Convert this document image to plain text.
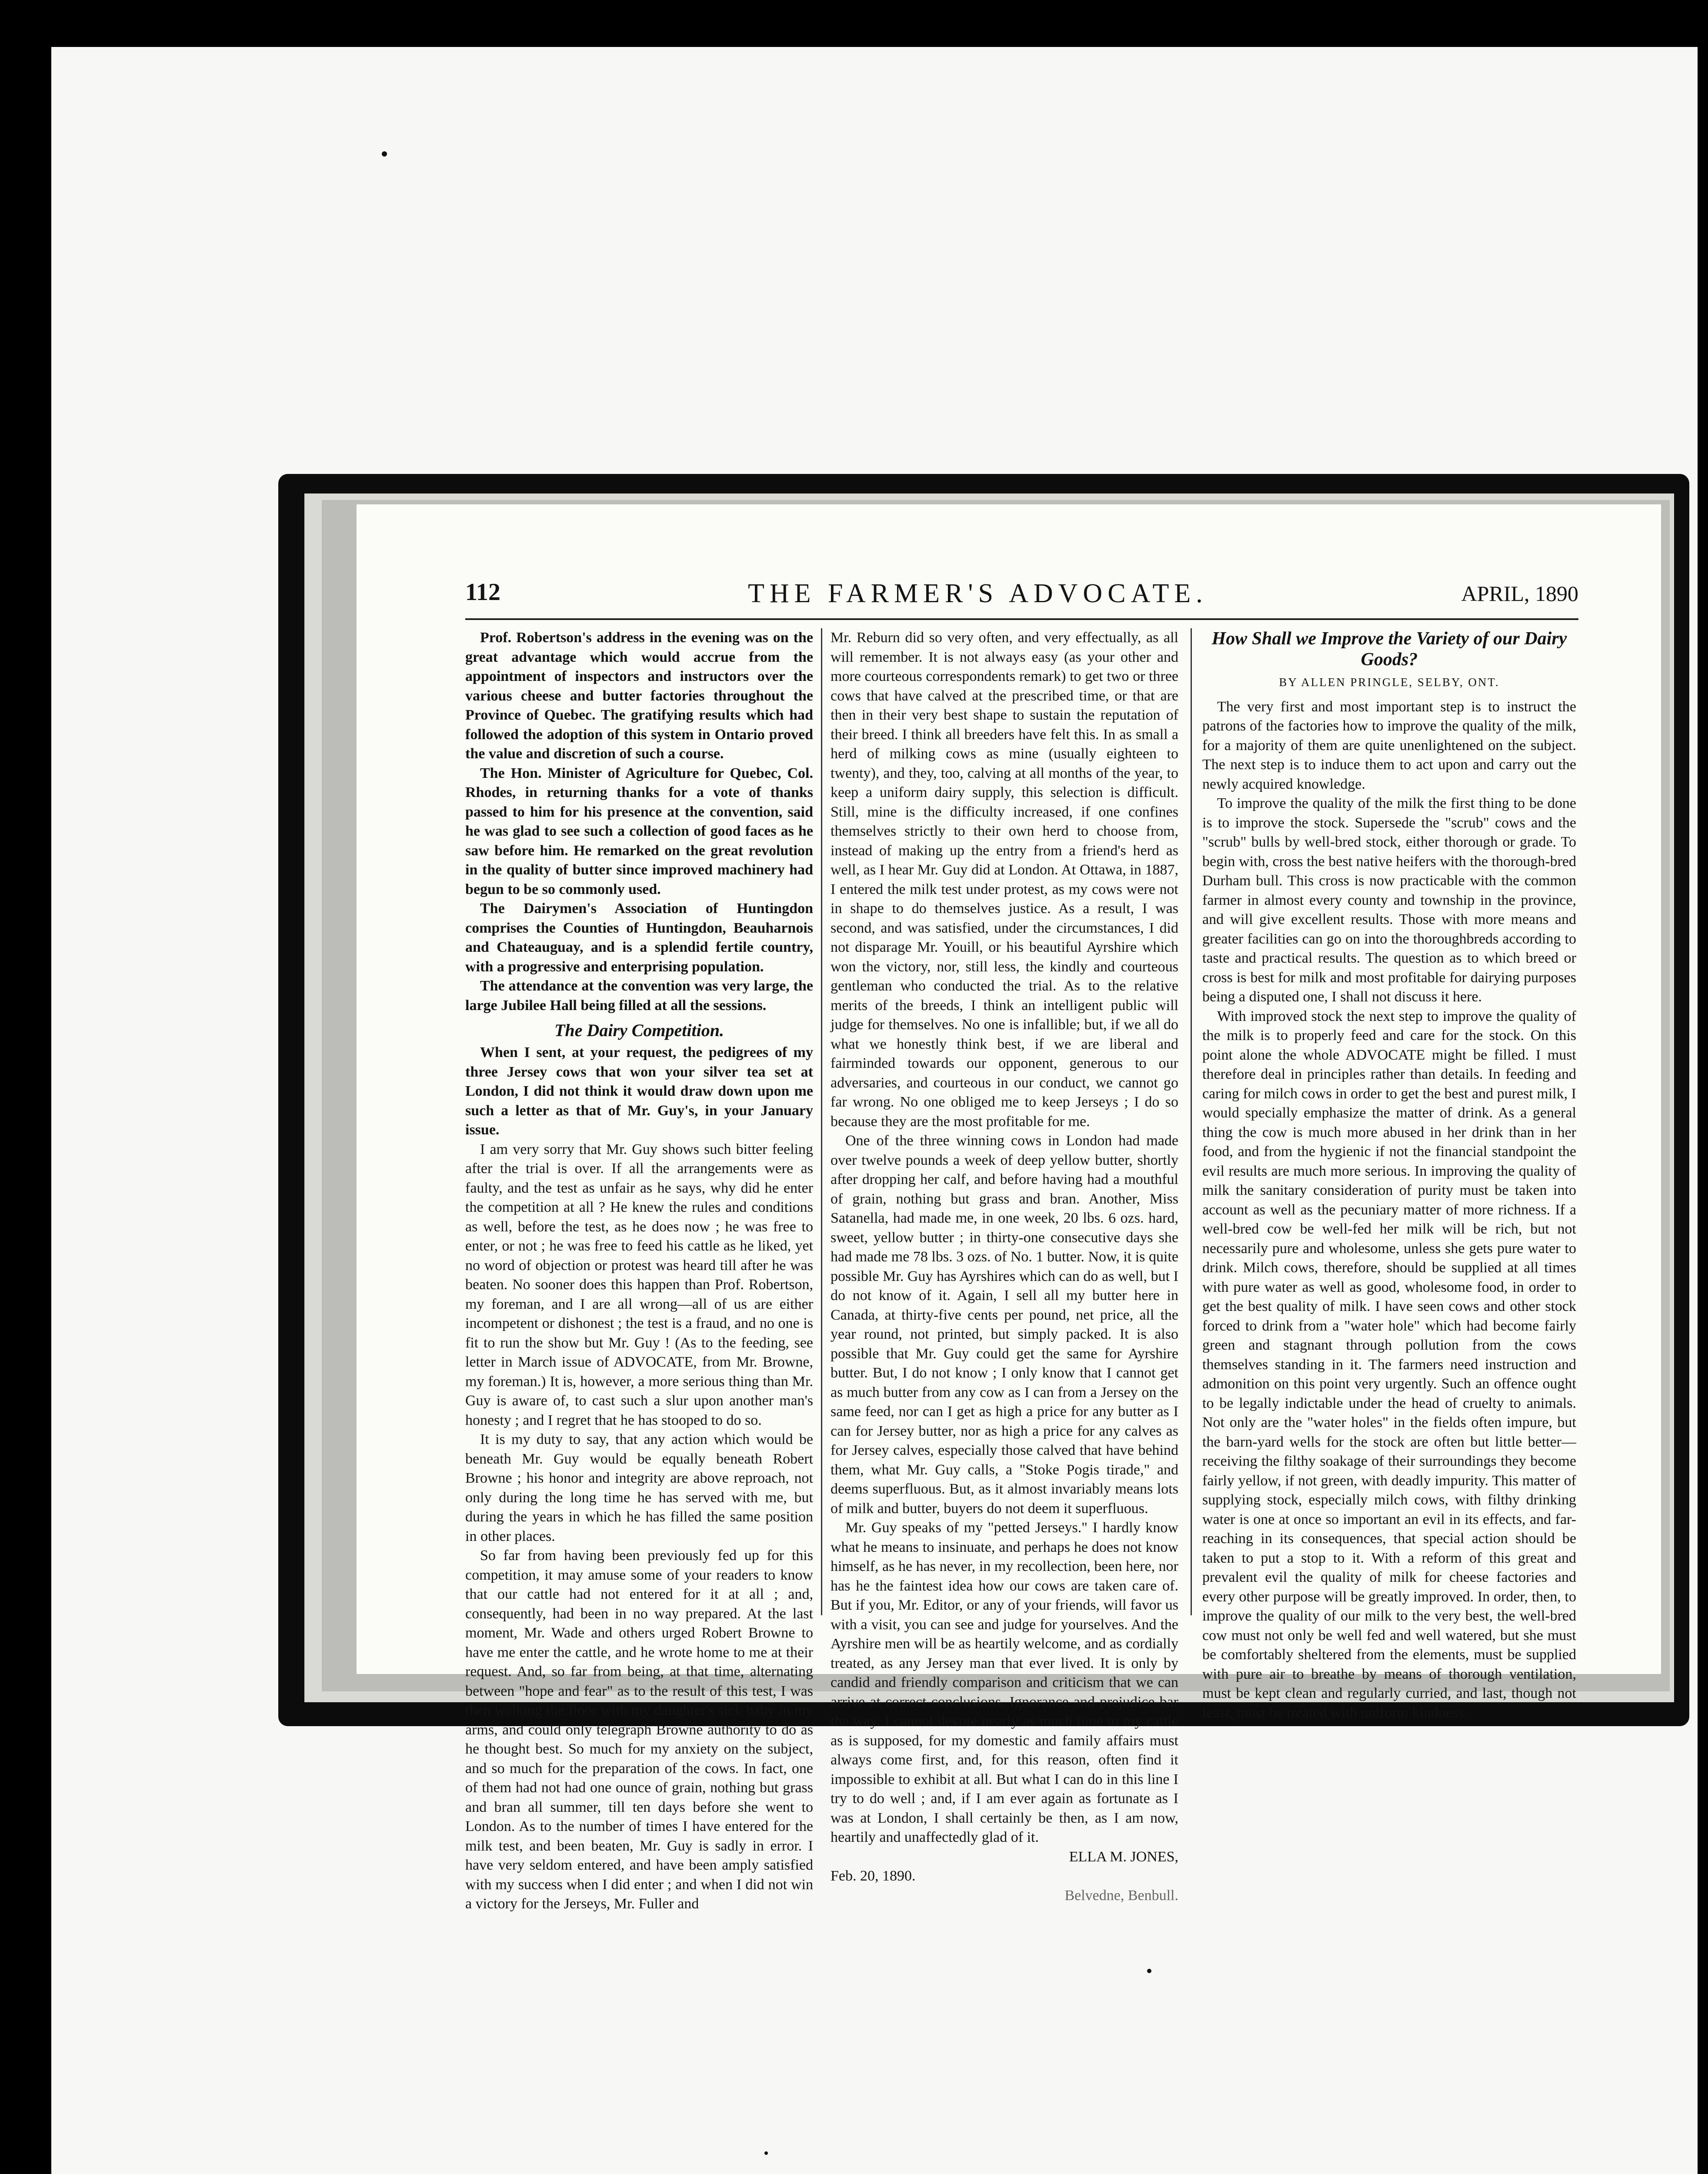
112	THE FARMER'S ADVOCATE.	APRIL, 1890

Prof. Robertson's address in the evening was on the great advantage which would accrue from the appointment of inspectors and instructors over the various cheese and butter factories throughout the Province of Quebec. The gratifying results which had followed the adoption of this system in Ontario proved the value and discretion of such a course.

The Hon. Minister of Agriculture for Quebec, Col. Rhodes, in returning thanks for a vote of thanks passed to him for his presence at the convention, said he was glad to see such a collection of good faces as he saw before him. He remarked on the great revolution in the quality of butter since improved machinery had begun to be so commonly used.

The Dairymen's Association of Huntingdon comprises the Counties of Huntingdon, Beauharnois and Chateauguay, and is a splendid fertile country, with a progressive and enterprising population.

The attendance at the convention was very large, the large Jubilee Hall being filled at all the sessions.

The Dairy Competition.

When I sent, at your request, the pedigrees of my three Jersey cows that won your silver tea set at London, I did not think it would draw down upon me such a letter as that of Mr. Guy's, in your January issue.

I am very sorry that Mr. Guy shows such bitter feeling after the trial is over. If all the arrangements were as faulty, and the test as unfair as he says, why did he enter the competition at all ? He knew the rules and conditions as well, before the test, as he does now ; he was free to enter, or not ; he was free to feed his cattle as he liked, yet no word of objection or protest was heard till after he was beaten. No sooner does this happen than Prof. Robertson, my foreman, and I are all wrong—all of us are either incompetent or dishonest ; the test is a fraud, and no one is fit to run the show but Mr. Guy ! (As to the feeding, see letter in March issue of ADVOCATE, from Mr. Browne, my foreman.) It is, however, a more serious thing than Mr. Guy is aware of, to cast such a slur upon another man's honesty ; and I regret that he has stooped to do so.

It is my duty to say, that any action which would be beneath Mr. Guy would be equally beneath Robert Browne ; his honor and integrity are above reproach, not only during the long time he has served with me, but during the years in which he has filled the same position in other places.

So far from having been previously fed up for this competition, it may amuse some of your readers to know that our cattle had not entered for it at all ; and, consequently, had been in no way prepared. At the last moment, Mr. Wade and others urged Robert Browne to have me enter the cattle, and he wrote home to me at their request. And, so far from being, at that time, alternating between "hope and fear" as to the result of this test, I was then walking the floor with my daughter's sick baby in my arms, and could only telegraph Browne authority to do as he thought best. So much for my anxiety on the subject, and so much for the preparation of the cows. In fact, one of them had not had one ounce of grain, nothing but grass and bran all summer, till ten days before she went to London. As to the number of times I have entered for the milk test, and been beaten, Mr. Guy is sadly in error. I have very seldom entered, and have been amply satisfied with my success when I did enter ; and when I did not win a victory for the Jerseys, Mr. Fuller and

Mr. Reburn did so very often, and very effectually, as all will remember. It is not always easy (as your other and more courteous correspondents remark) to get two or three cows that have calved at the prescribed time, or that are then in their very best shape to sustain the reputation of their breed. I think all breeders have felt this. In as small a herd of milking cows as mine (usually eighteen to twenty), and they, too, calving at all months of the year, to keep a uniform dairy supply, this selection is difficult. Still, mine is the difficulty increased, if one confines themselves strictly to their own herd to choose from, instead of making up the entry from a friend's herd as well, as I hear Mr. Guy did at London. At Ottawa, in 1887, I entered the milk test under protest, as my cows were not in shape to do themselves justice. As a result, I was second, and was satisfied, under the circumstances, I did not disparage Mr. Youill, or his beautiful Ayrshire which won the victory, nor, still less, the kindly and courteous gentleman who conducted the trial. As to the relative merits of the breeds, I think an intelligent public will judge for themselves. No one is infallible; but, if we all do what we honestly think best, if we are liberal and fairminded towards our opponent, generous to our adversaries, and courteous in our conduct, we cannot go far wrong. No one obliged me to keep Jerseys ; I do so because they are the most profitable for me.

One of the three winning cows in London had made over twelve pounds a week of deep yellow butter, shortly after dropping her calf, and before having had a mouthful of grain, nothing but grass and bran. Another, Miss Satanella, had made me, in one week, 20 lbs. 6 ozs. hard, sweet, yellow butter ; in thirty-one consecutive days she had made me 78 lbs. 3 ozs. of No. 1 butter. Now, it is quite possible Mr. Guy has Ayrshires which can do as well, but I do not know of it. Again, I sell all my butter here in Canada, at thirty-five cents per pound, net price, all the year round, not printed, but simply packed. It is also possible that Mr. Guy could get the same for Ayrshire butter. But, I do not know ; I only know that I cannot get as much butter from any cow as I can from a Jersey on the same feed, nor can I get as high a price for any butter as I can for Jersey butter, nor as high a price for any calves as for Jersey calves, especially those calved that have behind them, what Mr. Guy calls, a "Stoke Pogis tirade," and deems superfluous. But, as it almost invariably means lots of milk and butter, buyers do not deem it superfluous.

Mr. Guy speaks of my "petted Jerseys." I hardly know what he means to insinuate, and perhaps he does not know himself, as he has never, in my recollection, been here, nor has he the faintest idea how our cows are taken care of. But if you, Mr. Editor, or any of your friends, will favor us with a visit, you can see and judge for yourselves. And the Ayrshire men will be as heartily welcome, and as cordially treated, as any Jersey man that ever lived. It is only by candid and friendly comparison and criticism that we can arrive at correct conclusions. Ignorance and prejudice bar the way. I cannot devote nearly as much time to my cattle as is supposed, for my domestic and family affairs must always come first, and, for this reason, often find it impossible to exhibit at all. But what I can do in this line I try to do well ; and, if I am ever again as fortunate as I was at London, I shall certainly be then, as I am now, heartily and unaffectedly glad of it.

ELLA M. JONES,
Feb. 20, 1890.
Belvedne, Benbull.

How Shall we Improve the Variety of our Dairy Goods?

BY ALLEN PRINGLE, SELBY, ONT.

The very first and most important step is to instruct the patrons of the factories how to improve the quality of the milk, for a majority of them are quite unenlightened on the subject. The next step is to induce them to act upon and carry out the newly acquired knowledge.

To improve the quality of the milk the first thing to be done is to improve the stock. Supersede the "scrub" cows and the "scrub" bulls by well-bred stock, either thorough or grade. To begin with, cross the best native heifers with the thorough-bred Durham bull. This cross is now practicable with the common farmer in almost every county and township in the province, and will give excellent results. Those with more means and greater facilities can go on into the thoroughbreds according to taste and practical results. The question as to which breed or cross is best for milk and most profitable for dairying purposes being a disputed one, I shall not discuss it here.

With improved stock the next step to improve the quality of the milk is to properly feed and care for the stock. On this point alone the whole ADVOCATE might be filled. I must therefore deal in principles rather than details. In feeding and caring for milch cows in order to get the best and purest milk, I would specially emphasize the matter of drink. As a general thing the cow is much more abused in her drink than in her food, and from the hygienic if not the financial standpoint the evil results are much more serious. In improving the quality of milk the sanitary consideration of purity must be taken into account as well as the pecuniary matter of more richness. If a well-bred cow be well-fed her milk will be rich, but not necessarily pure and wholesome, unless she gets pure water to drink. Milch cows, therefore, should be supplied at all times with pure water as well as good, wholesome food, in order to get the best quality of milk. I have seen cows and other stock forced to drink from a "water hole" which had become fairly green and stagnant through pollution from the cows themselves standing in it. The farmers need instruction and admonition on this point very urgently. Such an offence ought to be legally indictable under the head of cruelty to animals. Not only are the "water holes" in the fields often impure, but the barn-yard wells for the stock are often but little better—receiving the filthy soakage of their surroundings they become fairly yellow, if not green, with deadly impurity. This matter of supplying stock, especially milch cows, with filthy drinking water is one at once so important an evil in its effects, and far-reaching in its consequences, that special action should be taken to put a stop to it. With a reform of this great and prevalent evil the quality of milk for cheese factories and every other purpose will be greatly improved. In order, then, to improve the quality of our milk to the very best, the well-bred cow must not only be well fed and well watered, but she must be comfortably sheltered from the elements, must be supplied with pure air to breathe by means of thorough ventilation, must be kept clean and regularly curried, and last, though not least, must be treated with uniform kindness.
